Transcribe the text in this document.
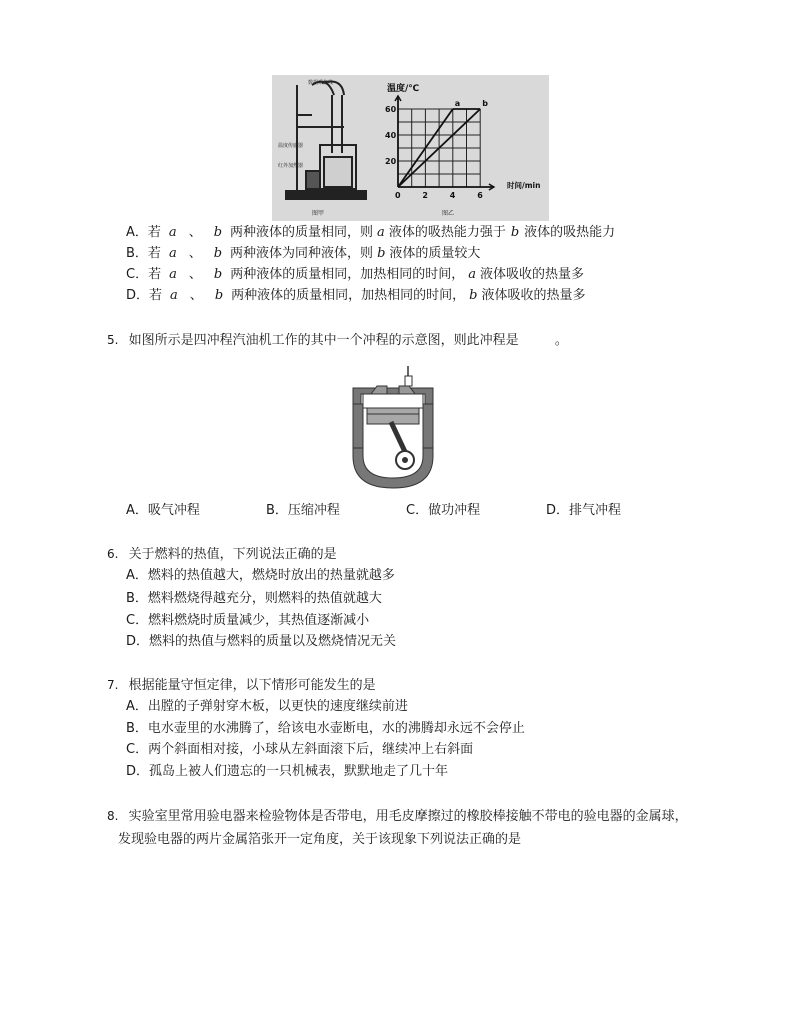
数据采集线
温度传感器
红外加热器
图甲
a	b
60
40
20
0	2	4	6
温度/℃
时间/min
图乙
A．若 a 、 b 两种液体的质量相同，则 a 液体的吸热能力强于 b 液体的吸热能力
B．若 a 、 b 两种液体为同种液体，则 b 液体的质量较大
C．若 a 、 b 两种液体的质量相同，加热相同的时间， a 液体吸收的热量多
D．若 a 、 b 两种液体的质量相同，加热相同的时间， b 液体吸收的热量多
5. 如图所示是四冲程汽油机工作的其中一个冲程的示意图，则此冲程是	。
A．吸气冲程	B．压缩冲程	C．做功冲程	D．排气冲程
6. 关于燃料的热值，下列说法正确的是
A．燃料的热值越大，燃烧时放出的热量就越多
B．燃料燃烧得越充分，则燃料的热值就越大
C．燃料燃烧时质量减少，其热值逐渐减小
D．燃料的热值与燃料的质量以及燃烧情况无关
7. 根据能量守恒定律，以下情形可能发生的是
A．出膛的子弹射穿木板，以更快的速度继续前进
B．电水壶里的水沸腾了，给该电水壶断电，水的沸腾却永远不会停止
C．两个斜面相对接，小球从左斜面滚下后，继续冲上右斜面
D．孤岛上被人们遗忘的一只机械表，默默地走了几十年
8. 实验室里常用验电器来检验物体是否带电，用毛皮摩擦过的橡胶棒接触不带电的验电器的金属球，
发现验电器的两片金属箔张开一定角度，关于该现象下列说法正确的是
